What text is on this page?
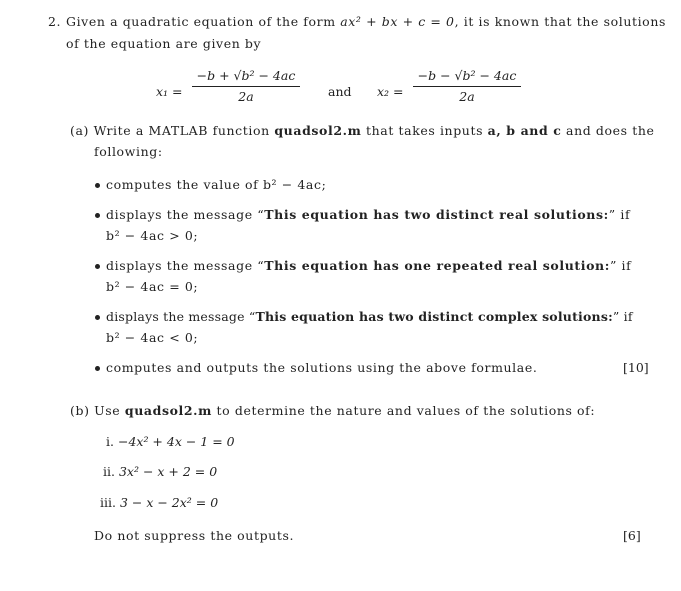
2. Given a quadratic equation of the form ax² + bx + c = 0, it is known that the solutions
of the equation are given by
x₁ =
−b + √b² − 4ac
2a	and x₂ =
−b − √b² − 4ac
2a
(a) Write a MATLAB function quadsol2.m that takes inputs a, b and c and does the
following:
computes the value of b² − 4ac;
displays the message “This equation has two distinct real solutions:” if
b² − 4ac > 0;
displays the message “This equation has one repeated real solution:” if
b² − 4ac = 0;
displays the message “This equation has two distinct complex solutions:” if
b² − 4ac < 0;
computes and outputs the solutions using the above formulae.	[10]
(b) Use quadsol2.m to determine the nature and values of the solutions of:
i. −4x² + 4x − 1 = 0
ii. 3x² − x + 2 = 0
iii. 3 − x − 2x² = 0
Do not suppress the outputs.	[6]
